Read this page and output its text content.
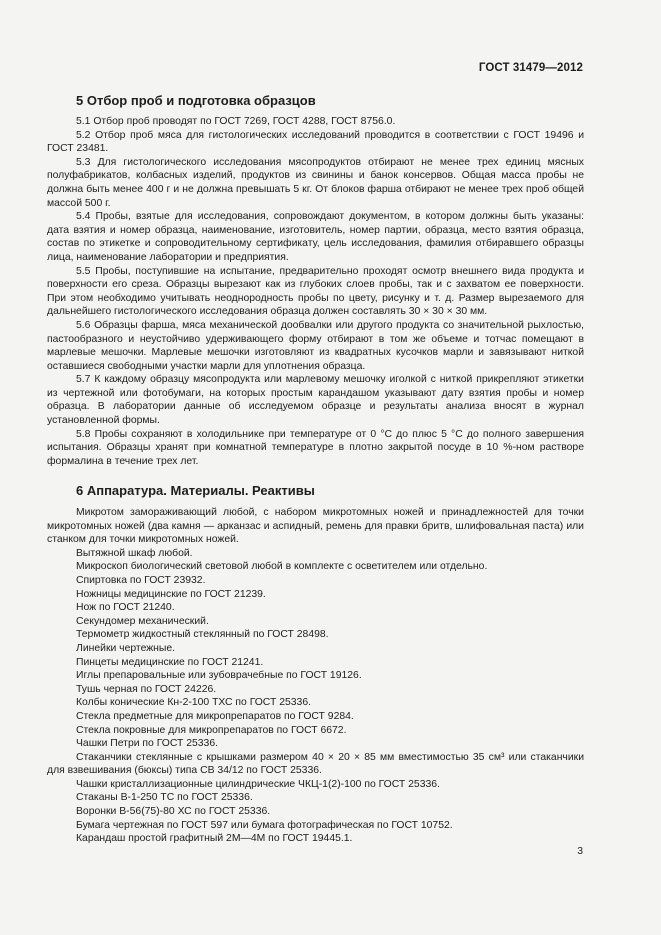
ГОСТ 31479—2012
5 Отбор проб и подготовка образцов

5.1 Отбор проб проводят по ГОСТ 7269, ГОСТ 4288, ГОСТ 8756.0.

5.2 Отбор проб мяса для гистологических исследований проводится в соответствии с ГОСТ 19496 и ГОСТ 23481.

5.3 Для гистологического исследования мясопродуктов отбирают не менее трех единиц мясных полуфабрикатов, колбасных изделий, продуктов из свинины и банок консервов. Общая масса пробы не должна быть менее 400 г и не должна превышать 5 кг. От блоков фарша отбирают не менее трех проб общей массой 500 г.

5.4 Пробы, взятые для исследования, сопровождают документом, в котором должны быть указаны: дата взятия и номер образца, наименование, изготовитель, номер партии, образца, место взятия образца, состав по этикетке и сопроводительному сертификату, цель исследования, фамилия отбиравшего образцы лица, наименование лаборатории и предприятия.

5.5 Пробы, поступившие на испытание, предварительно проходят осмотр внешнего вида продукта и поверхности его среза. Образцы вырезают как из глубоких слоев пробы, так и с захватом ее поверхности. При этом необходимо учитывать неоднородность пробы по цвету, рисунку и т. д. Размер вырезаемого для дальнейшего гистологического исследования образца должен составлять 30 × 30 × 30 мм.

5.6 Образцы фарша, мяса механической дообвалки или другого продукта со значительной рыхлостью, пастообразного и неустойчиво удерживающего форму отбирают в том же объеме и тотчас помещают в марлевые мешочки. Марлевые мешочки изготовляют из квадратных кусочков марли и завязывают ниткой оставшиеся свободными участки марли для уплотнения образца.

5.7 К каждому образцу мясопродукта или марлевому мешочку иголкой с ниткой прикрепляют этикетки из чертежной или фотобумаги, на которых простым карандашом указывают дату взятия пробы и номер образца. В лаборатории данные об исследуемом образце и результаты анализа вносят в журнал установленной формы.

5.8 Пробы сохраняют в холодильнике при температуре от 0 °С до плюс 5 °С до полного завершения испытания. Образцы хранят при комнатной температуре в плотно закрытой посуде в 10 %-ном растворе формалина в течение трех лет.

6 Аппаратура. Материалы. Реактивы

Микротом замораживающий любой, с набором микротомных ножей и принадлежностей для точки микротомных ножей (два камня — арканзас и аспидный, ремень для правки бритв, шлифовальная паста) или станком для точки микротомных ножей.

Вытяжной шкаф любой.

Микроскоп биологический световой любой в комплекте с осветителем или отдельно.

Спиртовка по ГОСТ 23932.

Ножницы медицинские по ГОСТ 21239.

Нож по ГОСТ 21240.

Секундомер механический.

Термометр жидкостный стеклянный по ГОСТ 28498.

Линейки чертежные.

Пинцеты медицинские по ГОСТ 21241.

Иглы препаровальные или зубоврачебные по ГОСТ 19126.

Тушь черная по ГОСТ 24226.

Колбы конические Кн-2-100 ТХС по ГОСТ 25336.

Стекла предметные для микропрепаратов по ГОСТ 9284.

Стекла покровные для микропрепаратов по ГОСТ 6672.

Чашки Петри по ГОСТ 25336.

Стаканчики стеклянные с крышками размером 40 × 20 × 85 мм вместимостью 35 см³ или стаканчики для взвешивания (бюксы) типа СВ 34/12 по ГОСТ 25336.

Чашки кристаллизационные цилиндрические ЧКЦ-1(2)-100 по ГОСТ 25336.

Стаканы В-1-250 ТС по ГОСТ 25336.

Воронки В-56(75)-80 ХС по ГОСТ 25336.

Бумага чертежная по ГОСТ 597 или бумага фотографическая по ГОСТ 10752.

Карандаш простой графитный 2М—4М по ГОСТ 19445.1.

3
